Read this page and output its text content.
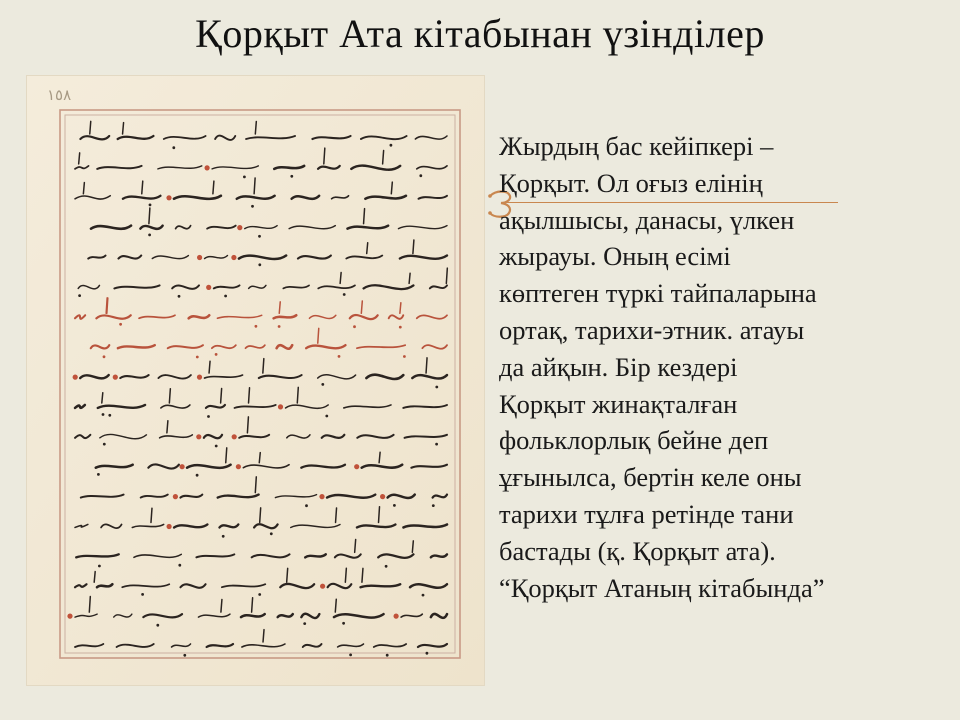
Қорқыт Ата кітабынан үзінділер
١٥٨

Жырдың бас кейіпкері –
Қорқыт. Ол оғыз елінің
ақылшысы, данасы, үлкен
жырауы. Оның есімі
көптеген түркі тайпаларына
ортақ, тарихи-этник. атауы
да айқын. Бір кездері
Қорқыт жинақталған
фольклорлық бейне деп
ұғынылса, бертін келе оны
тарихи тұлға ретінде тани
бастады (қ. Қорқыт ата).
“Қорқыт Атаның кітабында”
